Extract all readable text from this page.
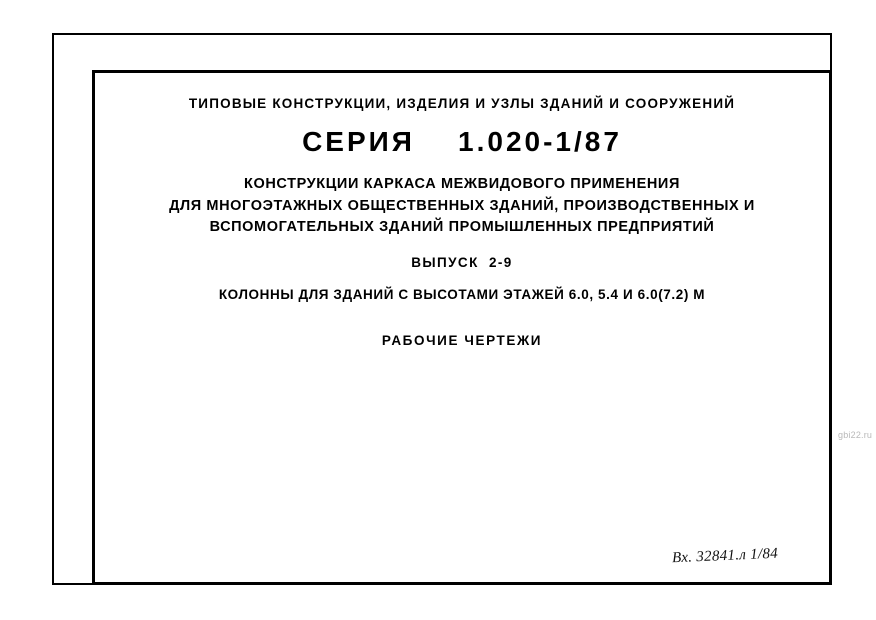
ТИПОВЫЕ КОНСТРУКЦИИ, ИЗДЕЛИЯ И УЗЛЫ ЗДАНИЙ И СООРУЖЕНИЙ
СЕРИЯ 1.020-1/87
КОНСТРУКЦИИ КАРКАСА МЕЖВИДОВОГО ПРИМЕНЕНИЯ
ДЛЯ МНОГОЭТАЖНЫХ ОБЩЕСТВЕННЫХ ЗДАНИЙ, ПРОИЗВОДСТВЕННЫХ И
ВСПОМОГАТЕЛЬНЫХ ЗДАНИЙ ПРОМЫШЛЕННЫХ ПРЕДПРИЯТИЙ
ВЫПУСК  2-9
КОЛОННЫ ДЛЯ ЗДАНИЙ С ВЫСОТАМИ ЭТАЖЕЙ 6.0, 5.4 И 6.0(7.2) М
РАБОЧИЕ ЧЕРТЕЖИ
Вх. 32841.л 1/84
gbi22.ru
